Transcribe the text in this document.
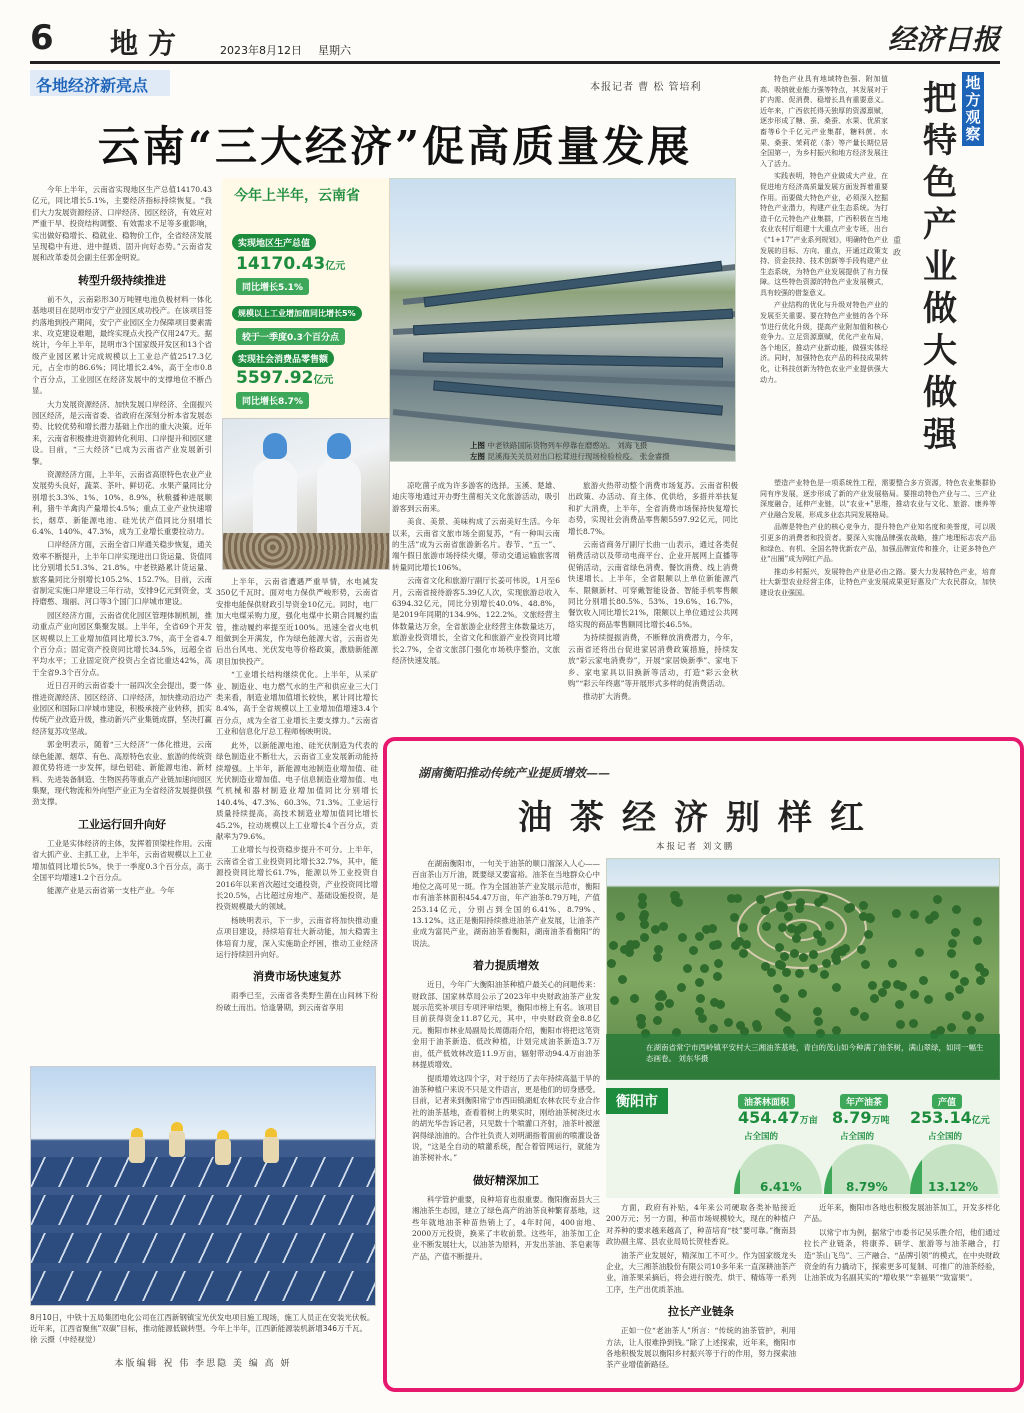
6 地方	2023年8月12日 星期六	经济日报
各地经济新亮点	本报记者 曹 松 管培利
云南“三大经济”促高质量发展

今年上半年，云南省实现地区生产总值14170.43亿元，同比增长5.1%，主要经济指标持续恢复。“我们大力发展资源经济、口岸经济、园区经济，有效应对严重干旱、投资结构调整、有效需求不足等多重影响，实出做好稳增长、稳就业、稳物价工作，全省经济发展呈现稳中有进、进中提质、固升向好态势。”云南省发展和改革委员会副主任郭金明说。

转型升级持续推进

前不久，云南彩形30万吨锂电池负极材料一体化基地项目在昆明市安宁产业园区成功投产。在该项目签约落地到投产期间，安宁产业园区全力保障项目要素需求、攻克建设难题，最终实现点火投产仅用247天。据统计，今年上半年，昆明市3个国家级开发区和13个省级产业园区累计完成规模以上工业总产值2517.3亿元，占全市的86.6%；同比增长2.4%，高于全市0.8个百分点，工业园区在经济发展中的支撑地位不断凸显。

大力发展资源经济、加快发展口岸经济、全面振兴园区经济，是云南省委、省政府在深刻分析本省发展态势、比较优势和增长潜力基础上作出的重大决策。近年来，云南省积极推进资源转化利用、口岸提升和园区建设。目前，“三大经济”已成为云南省产业发展新引擎。

资源经济方面，上半年，云南省高原特色农业产业发展势头良好，蔬菜、茶叶、鲜切花、水果产量同比分别增长3.3%、1%、10%、8.9%，秋粮播种进展顺利，猪牛羊禽肉产量增长4.5%；重点工业产业快速增长，烟草、新能源电池、硅光伏产值同比分别增长6.4%、140%、47.3%，成为工业增长重要拉动力。

口岸经济方面，云南全省口岸通关稳步恢复，通关效率不断提升，上半年口岸实现进出口货运量、货值同比分别增长51.3%、21.8%。中老铁路累计货运量、旅客量同比分别增长105.2%、152.7%。目前，云南省制定实施口岸建设三年行动，安排9亿元到资金，支持磨憨、瑞丽、河口等3个国门口岸城市建设。

园区经济方面，云南省优化园区管理体制机制，推动重点产业向园区集聚发展。上半年，全省69个开发区规模以上工业增加值同比增长3.7%，高于全省4.7个百分点；固定资产投资同比增长34.5%，远超全省平均水平；工业固定资产投资占全省比重达42%，高于全省9.3个百分点。

近日召开的云南省委十一届四次全会提出，要一体推进资源经济、园区经济、口岸经济，加快推动沿边产业园区和国际口岸城市建设，积极承接产业转移，抓实传统产业改造升级，推动新兴产业集链成群，坚决打赢经济复苏攻坚战。

郭金明表示，随着“三大经济”一体化推进，云南绿色能源、烟草、有色、高原特色农业、旅游的传统资源优势将进一步发挥，绿色铝硅、新能源电池、新材料、先进装备制造、生物医药等重点产业链加速向园区集聚，现代物流和外向型产业正为全省经济发展提供强劲支撑。

工业运行回升向好

工业是实体经济的主体，发挥着顶梁柱作用。云南省大抓产业、主抓工业，上半年，云南省规模以上工业增加值同比增长5%，快于一季度0.3个百分点，高于全国平均增速1.2个百分点。

能源产业是云南省第一支柱产业。今年

今年上半年，云南省
实现地区生产总值
14170.43亿元
同比增长5.1%
规模以上工业增加值同比增长5%
较于一季度0.3个百分点
实现社会消费品零售额
5597.92亿元
同比增长8.7%
上图 中老铁路国际货物列车停靠在磨憨站。 刘海飞摄
左图 昆溪海关关员对出口松茸进行现场检验检疫。 张金睿摄

上半年，云南省遭遇严重旱情，水电减发350亿千瓦时。面对电力保供严峻形势，云南省安排电能保供财政引导资金10亿元。同时，电厂加大电煤采购力度，强化电煤中长期合同履约监管，推动履约率提至近100%。迅速全省火电机组做到全开满发，作为绿色能源大省，云南省先后出台风电、光伏发电等价格政策，激励新能源项目加快投产。

“工业增长结构继续优化。上半年，从采矿业、制造业、电力燃气水的生产和供应业三大门类来看，制造业增加值增长较快，累计同比增长8.4%，高于全省规模以上工业增加值增速3.4个百分点，成为全省工业增长主要支撑力。”云南省工业和信息化厅总工程师杨映明说。

此外，以新能源电池、硅光伏制造为代表的绿色制造业不断壮大，云南省工业发展新动能持续增强。上半年，新能源电池制造业增加值、硅光伏制造业增加值、电子信息制造业增加值、电气机械和器材制造业增加值同比分别增长140.4%、47.3%、60.3%、71.3%。工业运行质量持续提高，高技术制造业增加值同比增长45.2%，拉动规模以上工业增长4个百分点，贡献率为79.6%。

工业增长与投资稳步提升不可分。上半年，云南省全省工业投资同比增长32.7%，其中，能源投资同比增长61.7%，能源以外工业投资自2016年以来首次超过交通投资，产业投资同比增长20.5%，占比超过房地产、基础设施投资，是投资规模最大的领域。

杨映明表示，下一步，云南省将加快推动重点项目建设，持续培育壮大新动能，加大稳需主体培育力度，深入实施助企纾困，推动工业经济运行持续回升向好。

消费市场快速复苏

雨季已至，云南省各类野生菌在山间林下纷纷破土而出。恰逢暑期，到云南省享用

凉吃菌子成为许多游客的选择。玉溪、楚雄、迪庆等地通过开办野生菌相关文化旅游活动，吸引游客到云南来。

美食、美景、美味构成了云南美好生活。今年以来，云南省文旅市场全面复苏，“有一种叫云南的生活”成为云南省旅游新名片。春节、“五一”、端午假日旅游市场持续火爆，带动交通运输旅客周转量同比增长106%。

云南省文化和旅游厅副厅长姜可伟说，1月至6月，云南省接待游客5.39亿人次，实现旅游总收入6394.32亿元，同比分别增长40.0%、48.8%，是2019年同期的134.9%、122.2%。文旅经营主体数量达万余，全省旅游企业经营主体数量达万，旅游业投资增长，全省文化和旅游产业投资同比增长2.7%，全省文旅部门强化市场秩序整治，文旅经济快速发展。

旅游火热带动整个消费市场复苏。云南省积极出政策、办活动、育主体、优供给，多措并举扶复和扩大消费，上半年，全省消费市场保持快复增长态势，实现社会消费品零售额5597.92亿元，同比增长8.7%。

云南省商务厅副厅长曲一山表示，通过各类促销费活动以及带动电商平台、企业开展网上直播等促销活动，云南省绿色消费、餐饮消费、线上消费快速增长。上半年，全省限额以上单位新能源汽车、限额新材、可穿戴智能设备、智能手机零售额同比分别增长80.5%、53%、19.6%、16.7%，餐饮收入同比增长21%，限额以上单位通过公共网络实现的商品零售额同比增长46.5%。

为持续提振消费，不断释放消费潜力，今年，云南省还将出台促进家居消费政策措施，持续发放“彩云家电消费券”，开展“家居焕新季”、家电下乡、家电家具以旧换新等活动，打造“彩云金秋购”“彩云年终惠”等开展形式多样的促消费活动。

推动扩大消费。

地方观察
把特色产业做大做强
重 政

特色产业具有地域特色强、附加值高、吸纳就业能力强等特点，其发展对于扩内需、促消费、稳增长具有重要意义。近年来，广西依托得天独厚的资源禀赋，逐步形成了糖、蚕、桑蚕、水果、优质家畜等6个千亿元产业集群，糖料蔗、水果、桑蚕、茉莉花（茶）等产量长期位居全国第一，为乡村振兴和地方经济发展注入了活力。

实践表明，特色产业做成大产业，在促进地方经济高质量发展方面发挥着重要作用。而要做大特色产业，必须深入挖掘特色产业潜力，构建产业生态系统。为打造千亿元特色产业集群，广西积极在当地农业农村厅组建十大重点产业专班，出台《“1+17”产业系列规划》，明确特色产业发展的目标、方向、重点，开通过政策支持、资金扶持、技术创新等手段构建产业生态系统，为特色产业发展提供了有力保障。这些特色资源的特色产业发展模式，具有较强的借鉴意义。

产业结构的优化与升级对特色产业的发展至关重要。要在特色产业链的各个环节进行优化升级，提高产业附加值和核心竞争力。立足资源禀赋，优化产业布局，各个地区，推动产业新动能，做强实体经济。同时，加强特色农产品的科技成果转化，让科技创新为特色农业产业提供强大动力。

塑造产业特色是一项系统性工程，需要整合多方资源，特色农业集群协同有序发展，逐步形成了新的产业发展格局。要推动特色产业与二、三产业深度融合，延伸产业链，以“农业+”思维，推动农业与文化、旅游、康养等产业融合发展，形成多业态共同发展格局。

品牌是特色产业的核心竞争力，提升特色产业知名度和美誉度，可以吸引更多的消费者和投资者。要深入实施品牌强农战略，推广地理标志农产品和绿色、有机、全国名特优新农产品，加强品牌宣传和推介，让更多特色产业“出圈”成为网红产品。

推动乡村振兴，发展特色产业是必由之路。要大力发展特色产业，培育壮大新型农业经营主体，让特色产业发展成果更好惠及广大农民群众，加快建设农业强国。

8月10日，中铁十五局集团电化公司在江西新钢镇宝光伏发电项目施工现场，施工人员正在安装光伏板。近年来，江西省聚焦“双碳”目标，推动能源低碳转型。今年上半年，江西新能源装机新增346万千瓦。 徐 云摄（中经视觉）
本版编辑 祝 伟 李思隐 美 编 高 妍
湖南衡阳推动传统产业提质增效——
油茶经济别样红
本报记者 刘文鹏

在湖南衡阳市，一句关于油茶的顺口溜深入人心——百亩茶山万斤油，既要绿又要富裕。油茶在当地群众心中地位之高可见一斑。作为全国油茶产业发展示范市，衡阳市有油茶林面积454.47万亩，年产油茶8.79万吨，产值253.14亿元，分别占到全国的6.41%、8.79%、13.12%。这正是衡阳持续推进油茶产业发展，让油茶产业成为富民产业，湖南油茶看衡阳，湖南油茶看衡阳”的说法。

着力提质增效

近日，今年广大衡阳油茶种植户最关心的问题传来：财政部、国家林草局公示了2023年中央财政油茶产业发展示范奖补项目专项评审结果，衡阳市榜上有名。该项目目前获得资金11.87亿元，其中，中央财政资金8.8亿元。衡阳市林业局副局长周德雨介绍，衡阳市将把这笔资金用于油茶新造、低改种植，计划完成油茶新造3.7万亩，低产低效林改造11.9万亩，辐射带动94.4万亩油茶林提质增效。

提质增效这四个字，对于经历了去年持续高温干旱的油茶种植户来说不只是文件语言，更是他们的切身感受。目前，记者来到衡阳常宁市西田镇湖虹农林农民专业合作社的油茶基地，查看着树上的果实时，刚给油茶树浇过水的胡光华告诉记者，只见数十个喷灌口齐射，油茶叶被滋润得绿油油的。合作社负责人刘明湖指着面前的喷灌设备说，“这是全自动的喷灌系统，配合着管网运行，就能为油茶树补水。”

做好精深加工

科学管护重要，良种培育也很重要。衡阳衡南县大三湘油茶生态园，建立了绿色高产的油茶良种繁育基地，这些年就地油茶种苗热销上了，4年时间，400亩地、2000万元投资，换来了丰收前景。这些年，油茶加工企业不断发展壮大，以油茶为原料，开发出茶油、茶皂素等产品，产值不断提升。

在湖南省常宁市西岭镇平安村大三湘油茶基地，青白的茂山如今种满了油茶树，满山翠绿，如同一幅生态画卷。 刘东华摄
衡阳市	油茶林面积
454.47万亩
占全国的
6.41%
年产油茶
8.79万吨
占全国的
8.79%
产值
253.14亿元
占全国的
13.12%

方面，政府有补贴，4年来公司硬取各类补贴接近200万元；另一方面，种苗市场规模较大，现在的种植户对养种的要求越来越高了，种苗培育“枝”要可靠。”衡南县政协副主席、县农业局局长贺桂香说。

油茶产业发展好，精深加工不可少。作为国家级龙头企业，大三湘茶油股份有限公司10多年来一直深耕油茶产业，油茶果采摘后，将会进行脱壳、烘干、精炼等一系列工序，生产出优质茶油。

拉长产业链条

正如一位“老油茶人”所言：“传统的油茶管护，利用方法，让人很难挣到钱。”除了上述探索，近年来，衡阳市各地积极发展以衡阳乡村振兴等于行的作用，努力探索油茶产业增值新路径。

近年来，衡阳市各地也积极发展油茶加工，开发多样化产品。

以常宁市为例，据常宁市委书记吴乐胜介绍，他们通过拉长产业链条，将康养、研学、旅游等与油茶融合，打造“茶山飞鸟”、三产融合、“品牌引领”的模式，在中央财政资金的有力撬动下，探索更多可复制、可推广的油茶经验，让油茶成为名副其实的“增收果”“幸福果”“致富果”。
